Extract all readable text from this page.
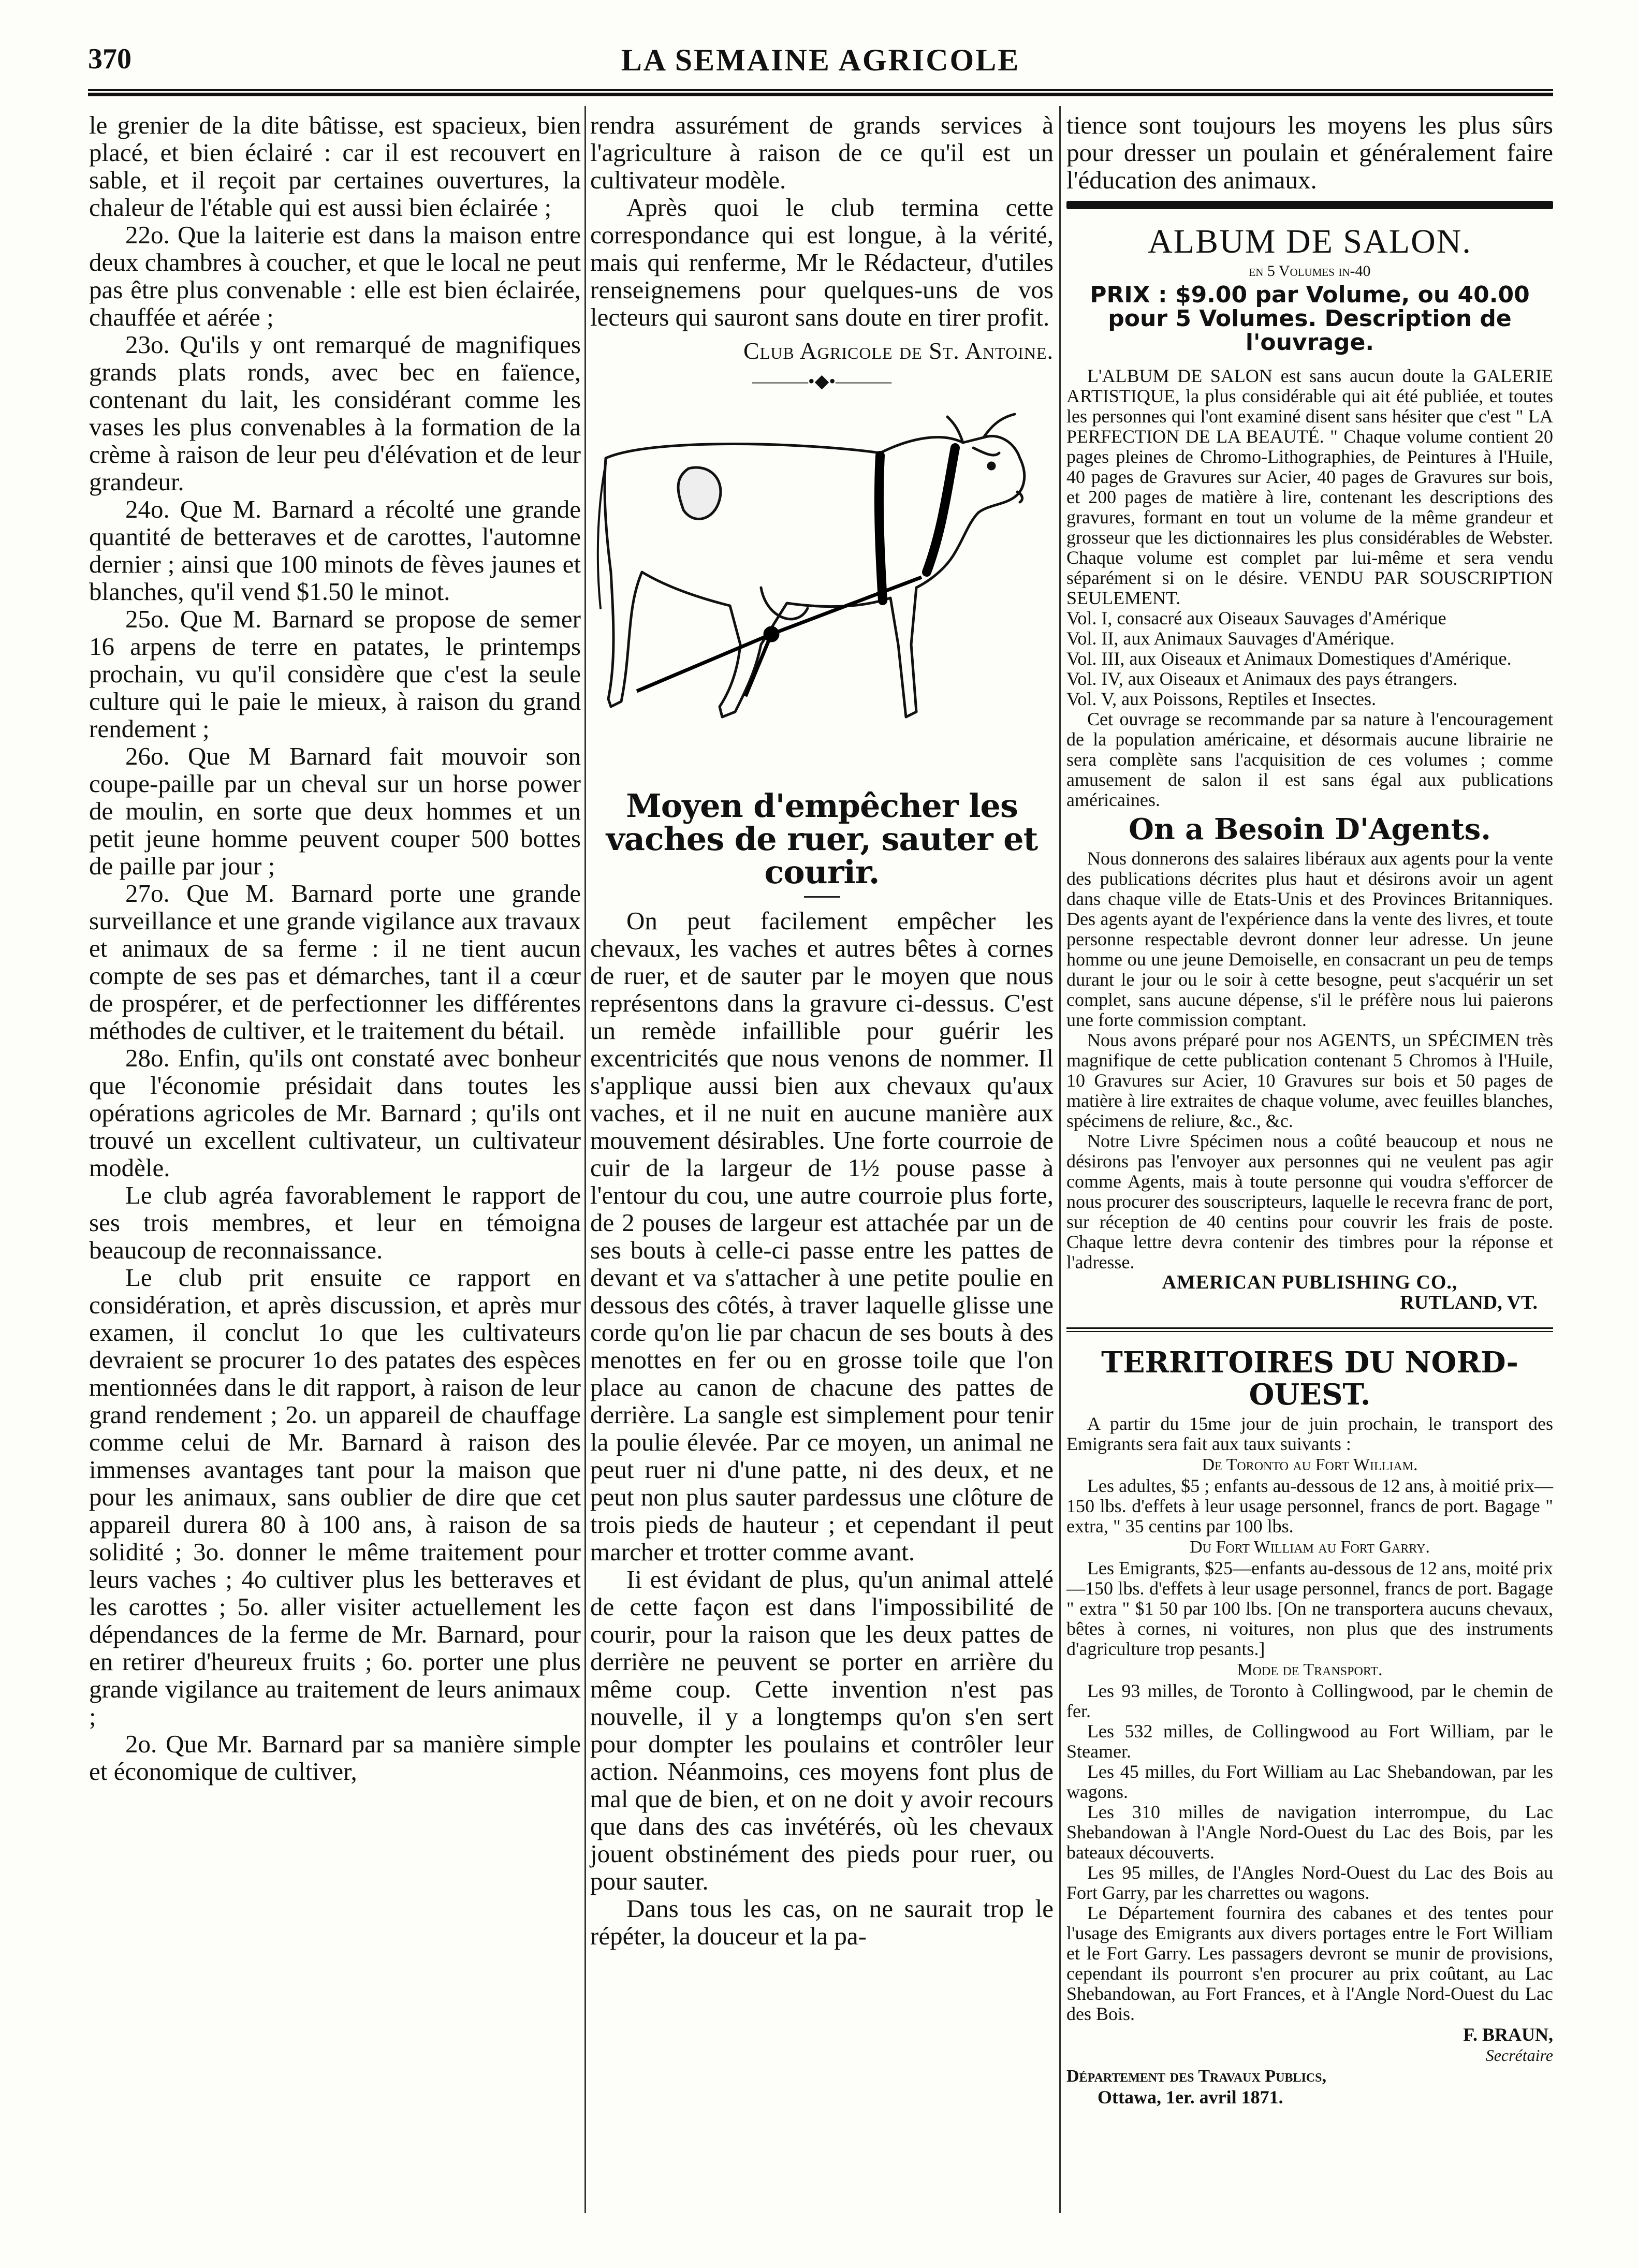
370	LA SEMAINE AGRICOLE

le grenier de la dite bâtisse, est spacieux, bien placé, et bien éclairé : car il est recouvert en sable, et il reçoit par certaines ouvertures, la chaleur de l'étable qui est aussi bien éclairée ;

22o. Que la laiterie est dans la maison entre deux chambres à coucher, et que le local ne peut pas être plus convenable : elle est bien éclairée, chauffée et aérée ;

23o. Qu'ils y ont remarqué de magnifiques grands plats ronds, avec bec en faïence, contenant du lait, les considérant comme les vases les plus convenables à la formation de la crème à raison de leur peu d'élévation et de leur grandeur.

24o. Que M. Barnard a récolté une grande quantité de betteraves et de carottes, l'automne dernier ; ainsi que 100 minots de fèves jaunes et blanches, qu'il vend $1.50 le minot.

25o. Que M. Barnard se propose de semer 16 arpens de terre en patates, le printemps prochain, vu qu'il considère que c'est la seule culture qui le paie le mieux, à raison du grand rendement ;

26o. Que M Barnard fait mouvoir son coupe-paille par un cheval sur un horse power de moulin, en sorte que deux hommes et un petit jeune homme peuvent couper 500 bottes de paille par jour ;

27o. Que M. Barnard porte une grande surveillance et une grande vigilance aux travaux et animaux de sa ferme : il ne tient aucun compte de ses pas et démarches, tant il a cœur de prospérer, et de perfectionner les différentes méthodes de cultiver, et le traitement du bétail.

28o. Enfin, qu'ils ont constaté avec bonheur que l'économie présidait dans toutes les opérations agricoles de Mr. Barnard ; qu'ils ont trouvé un excellent cultivateur, un cultivateur modèle.

Le club agréa favorablement le rapport de ses trois membres, et leur en témoigna beaucoup de reconnaissance.

Le club prit ensuite ce rapport en considération, et après discussion, et après mur examen, il conclut 1o que les cultivateurs devraient se procurer 1o des patates des espèces mentionnées dans le dit rapport, à raison de leur grand rendement ; 2o. un appareil de chauffage comme celui de Mr. Barnard à raison des immenses avantages tant pour la maison que pour les animaux, sans oublier de dire que cet appareil durera 80 à 100 ans, à raison de sa solidité ; 3o. donner le même traitement pour leurs vaches ; 4o cultiver plus les betteraves et les carottes ; 5o. aller visiter actuellement les dépendances de la ferme de Mr. Barnard, pour en retirer d'heureux fruits ; 6o. porter une plus grande vigilance au traitement de leurs animaux ;

2o. Que Mr. Barnard par sa manière simple et économique de cultiver,

rendra assurément de grands services à l'agriculture à raison de ce qu'il est un cultivateur modèle.

Après quoi le club termina cette correspondance qui est longue, à la vérité, mais qui renferme, Mr le Rédacteur, d'utiles renseignemens pour quelques-uns de vos lecteurs qui sauront sans doute en tirer profit.

Club Agricole de St. Antoine.
———•◆•———
Moyen d'empêcher les vaches de ruer, sauter et courir.

On peut facilement empêcher les chevaux, les vaches et autres bêtes à cornes de ruer, et de sauter par le moyen que nous représentons dans la gravure ci-dessus. C'est un remède infaillible pour guérir les excentricités que nous venons de nommer. Il s'applique aussi bien aux chevaux qu'aux vaches, et il ne nuit en aucune manière aux mouvement désirables. Une forte courroie de cuir de la largeur de 1½ pouse passe à l'entour du cou, une autre courroie plus forte, de 2 pouses de largeur est attachée par un de ses bouts à celle-ci passe entre les pattes de devant et va s'attacher à une petite poulie en dessous des côtés, à traver laquelle glisse une corde qu'on lie par chacun de ses bouts à des menottes en fer ou en grosse toile que l'on place au canon de chacune des pattes de derrière. La sangle est simplement pour tenir la poulie élevée. Par ce moyen, un animal ne peut ruer ni d'une patte, ni des deux, et ne peut non plus sauter pardessus une clôture de trois pieds de hauteur ; et cependant il peut marcher et trotter comme avant.

Ii est évidant de plus, qu'un animal attelé de cette façon est dans l'impossibilité de courir, pour la raison que les deux pattes de derrière ne peuvent se porter en arrière du même coup. Cette invention n'est pas nouvelle, il y a longtemps qu'on s'en sert pour dompter les poulains et contrôler leur action. Néanmoins, ces moyens font plus de mal que de bien, et on ne doit y avoir recours que dans des cas invétérés, où les chevaux jouent obstinément des pieds pour ruer, ou pour sauter.

Dans tous les cas, on ne saurait trop le répéter, la douceur et la pa-

tience sont toujours les moyens les plus sûrs pour dresser un poulain et généralement faire l'éducation des animaux.

ALBUM DE SALON.
en 5 Volumes in-40
PRIX : $9.00 par Volume, ou 40.00 pour 5 Volumes. Description de l'ouvrage.

L'ALBUM DE SALON est sans aucun doute la GALERIE ARTISTIQUE, la plus considérable qui ait été publiée, et toutes les personnes qui l'ont examiné disent sans hésiter que c'est " LA PERFECTION DE LA BEAUTÉ. " Chaque volume contient 20 pages pleines de Chromo-Lithographies, de Peintures à l'Huile, 40 pages de Gravures sur Acier, 40 pages de Gravures sur bois, et 200 pages de matière à lire, contenant les descriptions des gravures, formant en tout un volume de la même grandeur et grosseur que les dictionnaires les plus considérables de Webster. Chaque volume est complet par lui-même et sera vendu séparément si on le désire. VENDU PAR SOUSCRIPTION SEULEMENT.

Vol. I, consacré aux Oiseaux Sauvages d'Amérique
Vol. II, aux Animaux Sauvages d'Amérique.
Vol. III, aux Oiseaux et Animaux Domestiques d'Amérique.
Vol. IV, aux Oiseaux et Animaux des pays étrangers.
Vol. V, aux Poissons, Reptiles et Insectes.

Cet ouvrage se recommande par sa nature à l'encouragement de la population américaine, et désormais aucune librairie ne sera complète sans l'acquisition de ces volumes ; comme amusement de salon il est sans égal aux publications américaines.

On a Besoin D'Agents.

Nous donnerons des salaires libéraux aux agents pour la vente des publications décrites plus haut et désirons avoir un agent dans chaque ville de Etats-Unis et des Provinces Britanniques. Des agents ayant de l'expérience dans la vente des livres, et toute personne respectable devront donner leur adresse. Un jeune homme ou une jeune Demoiselle, en consacrant un peu de temps durant le jour ou le soir à cette besogne, peut s'acquérir un set complet, sans aucune dépense, s'il le préfère nous lui paierons une forte commission comptant.

Nous avons préparé pour nos AGENTS, un SPÉCIMEN très magnifique de cette publication contenant 5 Chromos à l'Huile, 10 Gravures sur Acier, 10 Gravures sur bois et 50 pages de matière à lire extraites de chaque volume, avec feuilles blanches, spécimens de reliure, &c., &c.

Notre Livre Spécimen nous a coûté beaucoup et nous ne désirons pas l'envoyer aux personnes qui ne veulent pas agir comme Agents, mais à toute personne qui voudra s'efforcer de nous procurer des souscripteurs, laquelle le recevra franc de port, sur réception de 40 centins pour couvrir les frais de poste. Chaque lettre devra contenir des timbres pour la réponse et l'adresse.

AMERICAN PUBLISHING CO.,
RUTLAND, VT.
TERRITOIRES DU NORD-OUEST.

A partir du 15me jour de juin prochain, le transport des Emigrants sera fait aux taux suivants :

De Toronto au Fort William.

Les adultes, $5 ; enfants au-dessous de 12 ans, à moitié prix—150 lbs. d'effets à leur usage personnel, francs de port. Bagage " extra, " 35 centins par 100 lbs.

Du Fort William au Fort Garry.

Les Emigrants, $25—enfants au-dessous de 12 ans, moité prix—150 lbs. d'effets à leur usage personnel, francs de port. Bagage " extra " $1 50 par 100 lbs. [On ne transportera aucuns chevaux, bêtes à cornes, ni voitures, non plus que des instruments d'agriculture trop pesants.]

Mode de Transport.

Les 93 milles, de Toronto à Collingwood, par le chemin de fer.

Les 532 milles, de Collingwood au Fort William, par le Steamer.

Les 45 milles, du Fort William au Lac Shebandowan, par les wagons.

Les 310 milles de navigation interrompue, du Lac Shebandowan à l'Angle Nord-Ouest du Lac des Bois, par les bateaux découverts.

Les 95 milles, de l'Angles Nord-Ouest du Lac des Bois au Fort Garry, par les charrettes ou wagons.

Le Département fournira des cabanes et des tentes pour l'usage des Emigrants aux divers portages entre le Fort William et le Fort Garry. Les passagers devront se munir de provisions, cependant ils pourront s'en procurer au prix coûtant, au Lac Shebandowan, au Fort Frances, et à l'Angle Nord-Ouest du Lac des Bois.

F. BRAUN,
Secrétaire
Département des Travaux Publics,
Ottawa, 1er. avril 1871.
